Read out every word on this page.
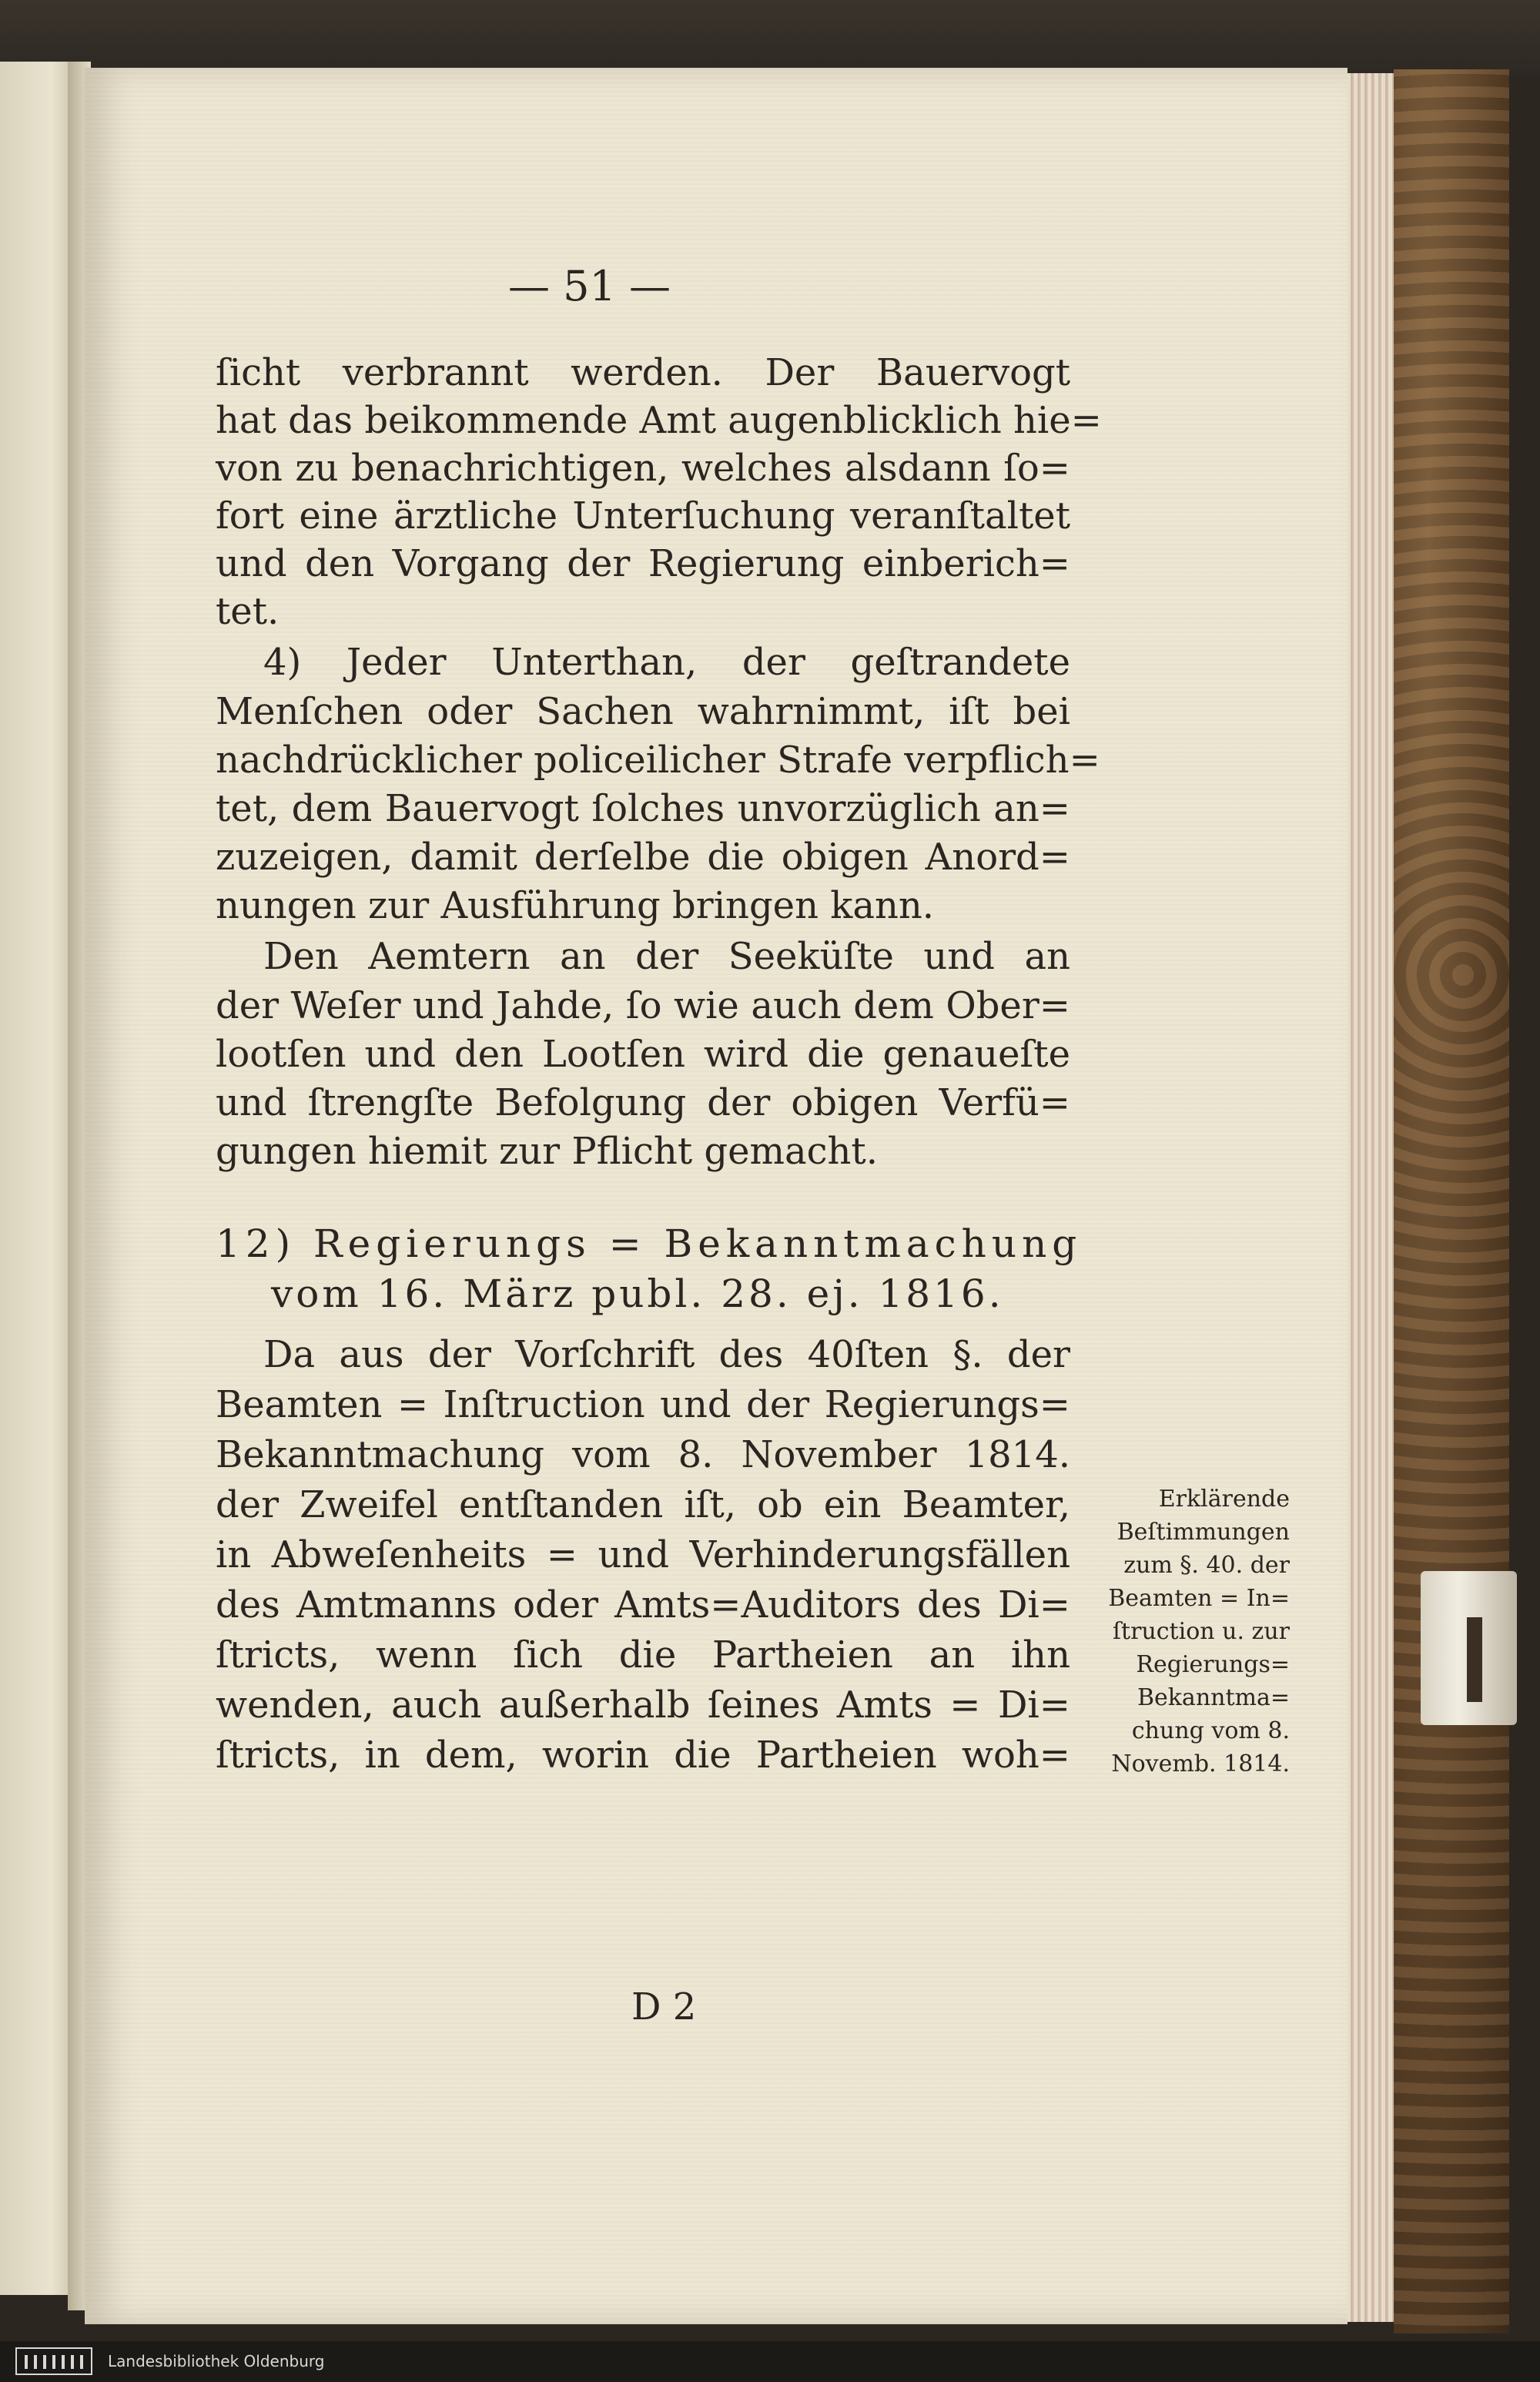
— 51 —
ſicht verbrannt werden. Der Bauervogt
hat das beikommende Amt augenblicklich hie=
von zu benachrichtigen, welches alsdann ſo=
fort eine ärztliche Unterſuchung veranſtaltet
und den Vorgang der Regierung einberich=
tet.
4) Jeder Unterthan, der geſtrandete
Menſchen oder Sachen wahrnimmt, iſt bei
nachdrücklicher policeilicher Strafe verpflich=
tet, dem Bauervogt ſolches unvorzüglich an=
zuzeigen, damit derſelbe die obigen Anord=
nungen zur Ausführung bringen kann.
Den Aemtern an der Seeküſte und an
der Weſer und Jahde, ſo wie auch dem Ober=
lootſen und den Lootſen wird die genaueſte
und ſtrengſte Befolgung der obigen Verfü=
gungen hiemit zur Pflicht gemacht.
12) Regierungs = Bekanntmachung
vom 16. März publ. 28. ej. 1816.
Da aus der Vorſchrift des 40ſten §. der
Beamten = Inſtruction und der Regierungs=
Bekanntmachung vom 8. November 1814.
der Zweifel entſtanden iſt, ob ein Beamter,
in Abweſenheits = und Verhinderungsfällen
des Amtmanns oder Amts=Auditors des Di=
ſtricts, wenn ſich die Partheien an ihn
wenden, auch außerhalb ſeines Amts = Di=
ſtricts, in dem, worin die Partheien woh=
Erklärende
Beſtimmungen
zum §. 40. der
Beamten = In=
ſtruction u. zur
Regierungs=
Bekanntma=
chung vom 8.
Novemb. 1814.
D 2
Landesbibliothek Oldenburg
